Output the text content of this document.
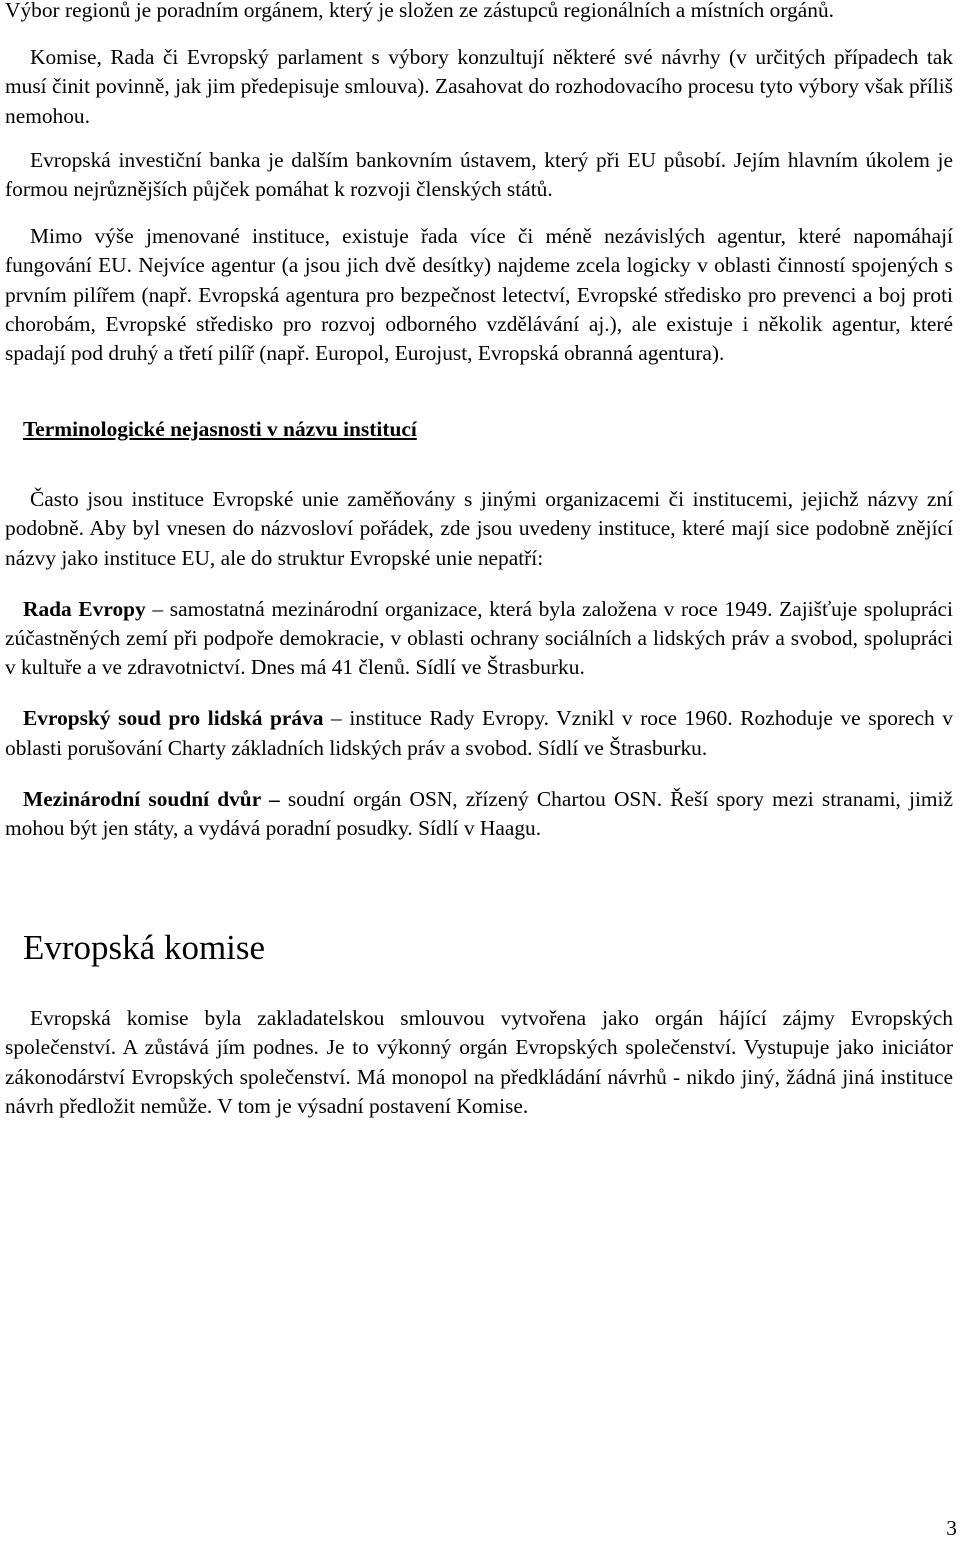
Výbor regionů je poradním orgánem, který je složen ze zástupců regionálních a místních orgánů.

Komise, Rada či Evropský parlament s výbory konzultují některé své návrhy (v určitých případech tak musí činit povinně, jak jim předepisuje smlouva). Zasahovat do rozhodovacího procesu tyto výbory však příliš nemohou.

Evropská investiční banka je dalším bankovním ústavem, který při EU působí. Jejím hlavním úkolem je formou nejrůznějších půjček pomáhat k rozvoji členských států.

Mimo výše jmenované instituce, existuje řada více či méně nezávislých agentur, které napomáhají fungování EU. Nejvíce agentur (a jsou jich dvě desítky) najdeme zcela logicky v oblasti činností spojených s prvním pilířem (např. Evropská agentura pro bezpečnost letectví, Evropské středisko pro prevenci a boj proti chorobám, Evropské středisko pro rozvoj odborného vzdělávání aj.), ale existuje i několik agentur, které spadají pod druhý a třetí pilíř (např. Europol, Eurojust, Evropská obranná agentura).

Terminologické nejasnosti v názvu institucí

Často jsou instituce Evropské unie zaměňovány s jinými organizacemi či institucemi, jejichž názvy zní podobně. Aby byl vnesen do názvosloví pořádek, zde jsou uvedeny instituce, které mají sice podobně znějící názvy jako instituce EU, ale do struktur Evropské unie nepatří:

Rada Evropy – samostatná mezinárodní organizace, která byla založena v roce 1949. Zajišťuje spolupráci zúčastněných zemí při podpoře demokracie, v oblasti ochrany sociálních a lidských práv a svobod, spolupráci v kultuře a ve zdravotnictví. Dnes má 41 členů. Sídlí ve Štrasburku.

Evropský soud pro lidská práva – instituce Rady Evropy. Vznikl v roce 1960. Rozhoduje ve sporech v oblasti porušování Charty základních lidských práv a svobod. Sídlí ve Štrasburku.

Mezinárodní soudní dvůr – soudní orgán OSN, zřízený Chartou OSN. Řeší spory mezi stranami, jimiž mohou být jen státy, a vydává poradní posudky. Sídlí v Haagu.

Evropská komise

Evropská komise byla zakladatelskou smlouvou vytvořena jako orgán hájící zájmy Evropských společenství. A zůstává jím podnes. Je to výkonný orgán Evropských společenství. Vystupuje jako iniciátor zákonodárství Evropských společenství. Má monopol na předkládání návrhů - nikdo jiný, žádná jiná instituce návrh předložit nemůže. V tom je výsadní postavení Komise.

3
